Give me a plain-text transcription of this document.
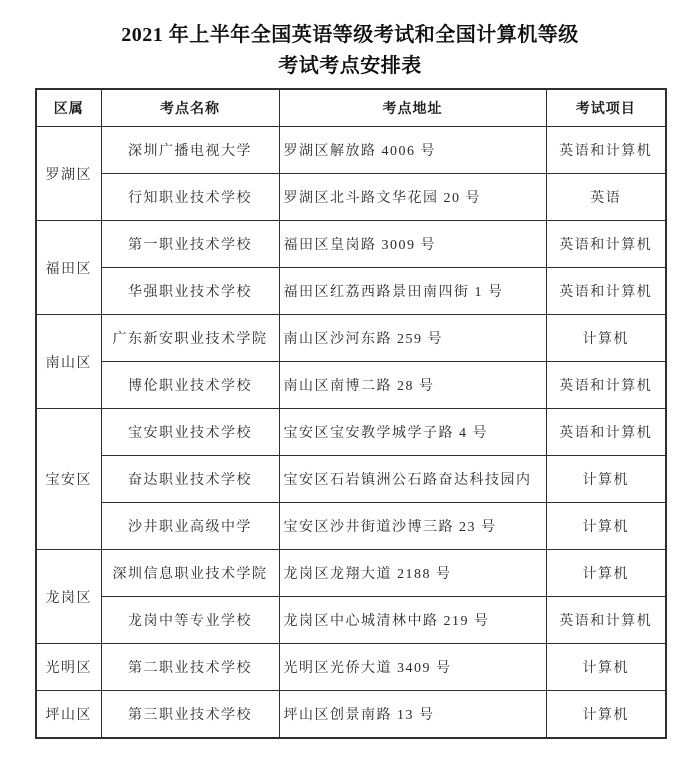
2021 年上半年全国英语等级考试和全国计算机等级
考试考点安排表
区属	考点名称	考点地址	考试项目
罗湖区	深圳广播电视大学	罗湖区解放路 4006 号	英语和计算机
	行知职业技术学校	罗湖区北斗路文华花园 20 号	英语
福田区	第一职业技术学校	福田区皇岗路 3009 号	英语和计算机
	华强职业技术学校	福田区红荔西路景田南四街 1 号	英语和计算机
南山区	广东新安职业技术学院	南山区沙河东路 259 号	计算机
	博伦职业技术学校	南山区南博二路 28 号	英语和计算机
宝安区	宝安职业技术学校	宝安区宝安教学城学子路 4 号	英语和计算机
	奋达职业技术学校	宝安区石岩镇洲公石路奋达科技园内	计算机
	沙井职业高级中学	宝安区沙井街道沙博三路 23 号	计算机
龙岗区	深圳信息职业技术学院	龙岗区龙翔大道 2188 号	计算机
	龙岗中等专业学校	龙岗区中心城清林中路 219 号	英语和计算机
光明区	第二职业技术学校	光明区光侨大道 3409 号	计算机
坪山区	第三职业技术学校	坪山区创景南路 13 号	计算机
